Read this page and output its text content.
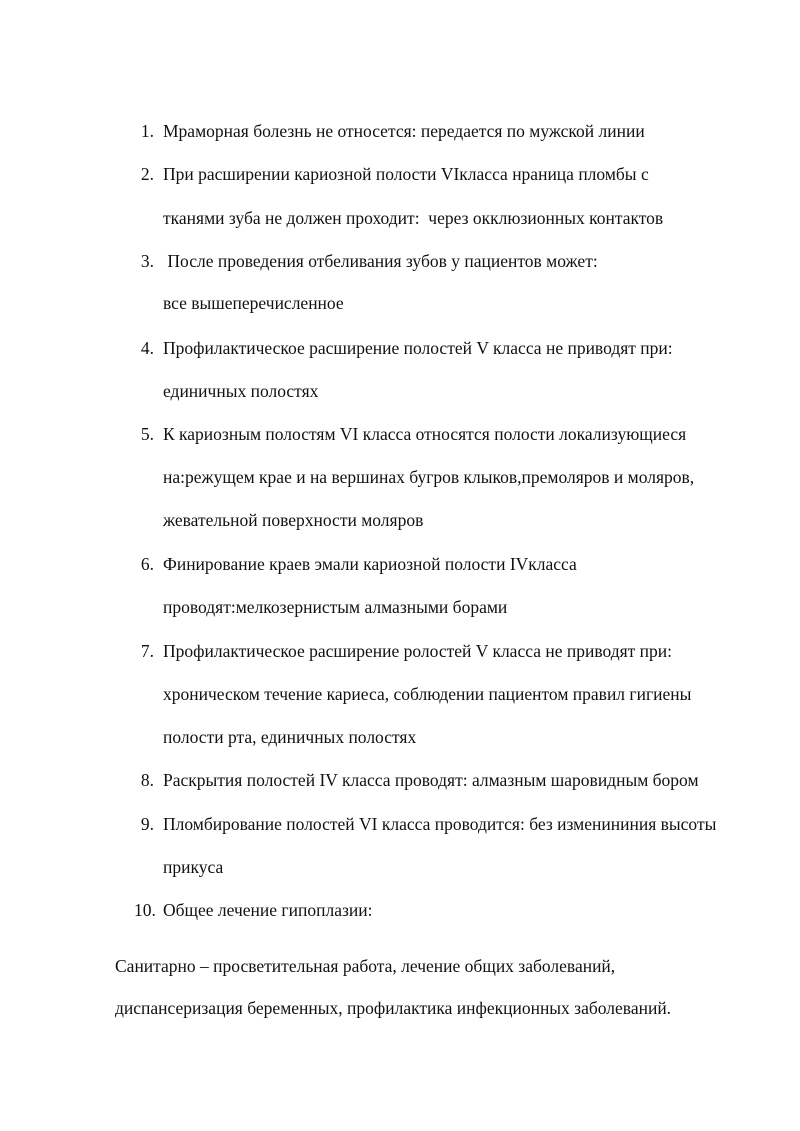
1. Мраморная болезнь не относется: передается по мужской линии
2. При расширении кариозной полости VIкласса нраница пломбы с
тканями зуба не должен проходит:  через окклюзионных контактов
3. После проведения отбеливания зубов у пациентов может:
все вышеперечисленное
4. Профилактическое расширение полостей V класса не приводят при:
единичных полостях
5. К кариозным полостям VI класса относятся полости локализующиеся
на:режущем крае и на вершинах бугров клыков,премоляров и моляров,
жевательной поверхности моляров
6. Финирование краев эмали кариозной полости IVкласса
проводят:мелкозернистым алмазными борами
7. Профилактическое расширение ролостей V класса не приводят при:
хроническом течение кариеса, соблюдении пациентом правил гигиены
полости рта, единичных полостях
8. Раскрытия полостей IV класса проводят: алмазным шаровидным бором
9. Пломбирование полостей VI класса проводится: без изменининия высоты
прикуса
10. Общее лечение гипоплазии:
Санитарно – просветительная работа, лечение общих заболеваний,
диспансеризация беременных, профилактика инфекционных заболеваний.
